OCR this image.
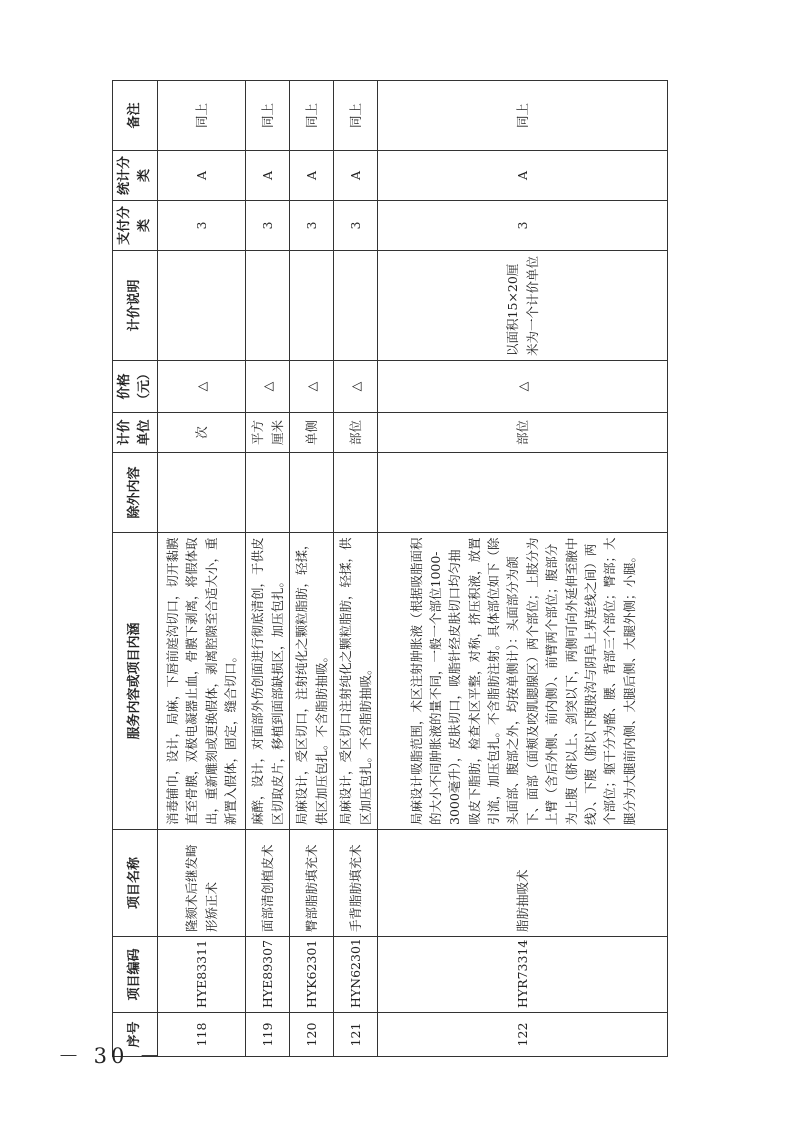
序号	项目编码	项目名称	服务内容或项目内涵	除外内容	计价单位	价格（元）	计价说明	支付分类	统计分类	备注
118	HYE83311	隆颏术后继发畸形矫正术	消毒铺巾，设计，局麻，下唇前庭沟切口，切开黏膜直至骨膜，双极电凝器止血，骨膜下剥离，将假体取出，重新雕刻或更换假体，剥离腔隙至合适大小，重新置入假体，固定，缝合切口。		次	△		3	A	同上
119	HYE89307	面部清创植皮术	麻醉，设计，对面部外伤创面进行彻底清创，于供皮区切取皮片，移植到面部缺损区，加压包扎。		平方厘米	△		3	A	同上
120	HYK62301	臀部脂肪填充术	局麻设计，受区切口，注射纯化之颗粒脂肪，轻揉，供区加压包扎。不含脂肪抽吸。		单侧	△		3	A	同上
121	HYN62301	手背脂肪填充术	局麻设计，受区切口注射纯化之颗粒脂肪，轻揉，供区加压包扎。不含脂肪抽吸。		部位	△		3	A	同上
122	HYR73314	脂肪抽吸术	局麻设计吸脂范围，术区注射肿胀液（根据吸脂面积的大小不同肿胀液的量不同，一般一个部位1000-3000毫升），皮肤切口，吸脂针经皮肤切口均匀抽吸皮下脂肪，检查术区平整，对称，挤压积液，放置引流，加压包扎。不含脂肪注射。具体部位如下（除头面部、腹部之外，均按单侧计）：头面部分为颌下、面部（面颊及咬肌腮腺区）两个部位；上肢分为上臂（含后外侧、前内侧）、前臂两个部位；腹部分为上腹（脐以上、剑突以下，两侧可向外延伸至腋中线）、下腹（脐以下腹股沟与阴阜上界连线之间）两个部位；躯干分为骼、腰、背部三个部位；臀部；大腿分为大腿前内侧、大腿后侧、大腿外侧；小腿。		部位	△	以面积15×20厘米为一个计价单位	3	A	同上
－ 30 －
